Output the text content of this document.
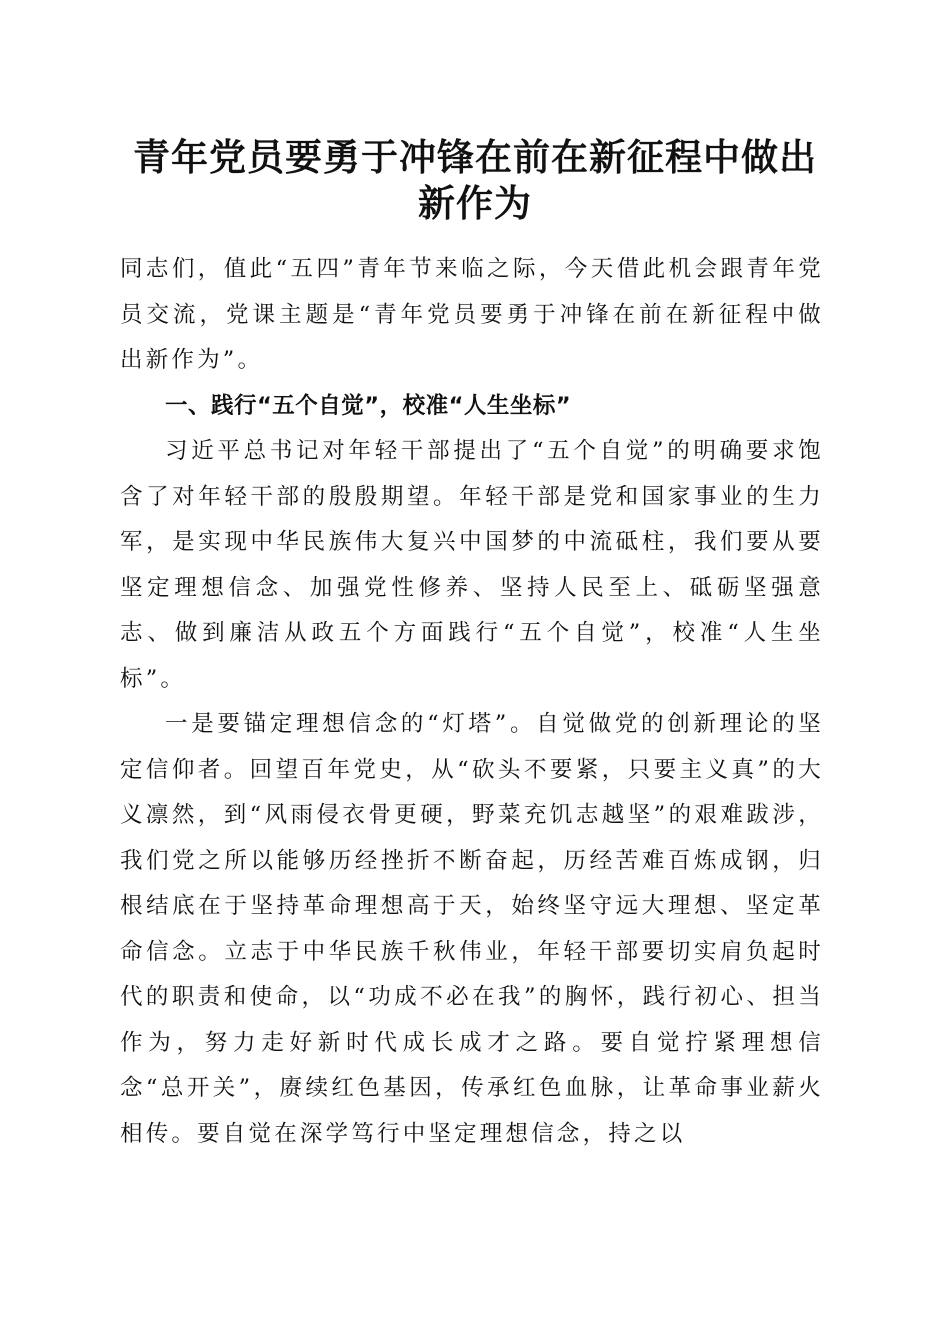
青年党员要勇于冲锋在前在新征程中做出新作为

同志们，值此“五四”青年节来临之际，今天借此机会跟青年党员交流，党课主题是“青年党员要勇于冲锋在前在新征程中做出新作为”。

一、践行“五个自觉”，校准“人生坐标”

习近平总书记对年轻干部提出了“五个自觉”的明确要求饱含了对年轻干部的殷殷期望。年轻干部是党和国家事业的生力军，是实现中华民族伟大复兴中国梦的中流砥柱，我们要从要坚定理想信念、加强党性修养、坚持人民至上、砥砺坚强意志、做到廉洁从政五个方面践行“五个自觉”，校准“人生坐标”。

一是要锚定理想信念的“灯塔”。自觉做党的创新理论的坚定信仰者。回望百年党史，从“砍头不要紧，只要主义真”的大义凛然，到“风雨侵衣骨更硬，野菜充饥志越坚”的艰难跋涉，我们党之所以能够历经挫折不断奋起，历经苦难百炼成钢，归根结底在于坚持革命理想高于天，始终坚守远大理想、坚定革命信念。立志于中华民族千秋伟业，年轻干部要切实肩负起时代的职责和使命，以“功成不必在我”的胸怀，践行初心、担当作为，努力走好新时代成长成才之路。要自觉拧紧理想信念“总开关”，赓续红色基因，传承红色血脉，让革命事业薪火相传。要自觉在深学笃行中坚定理想信念，持之以
